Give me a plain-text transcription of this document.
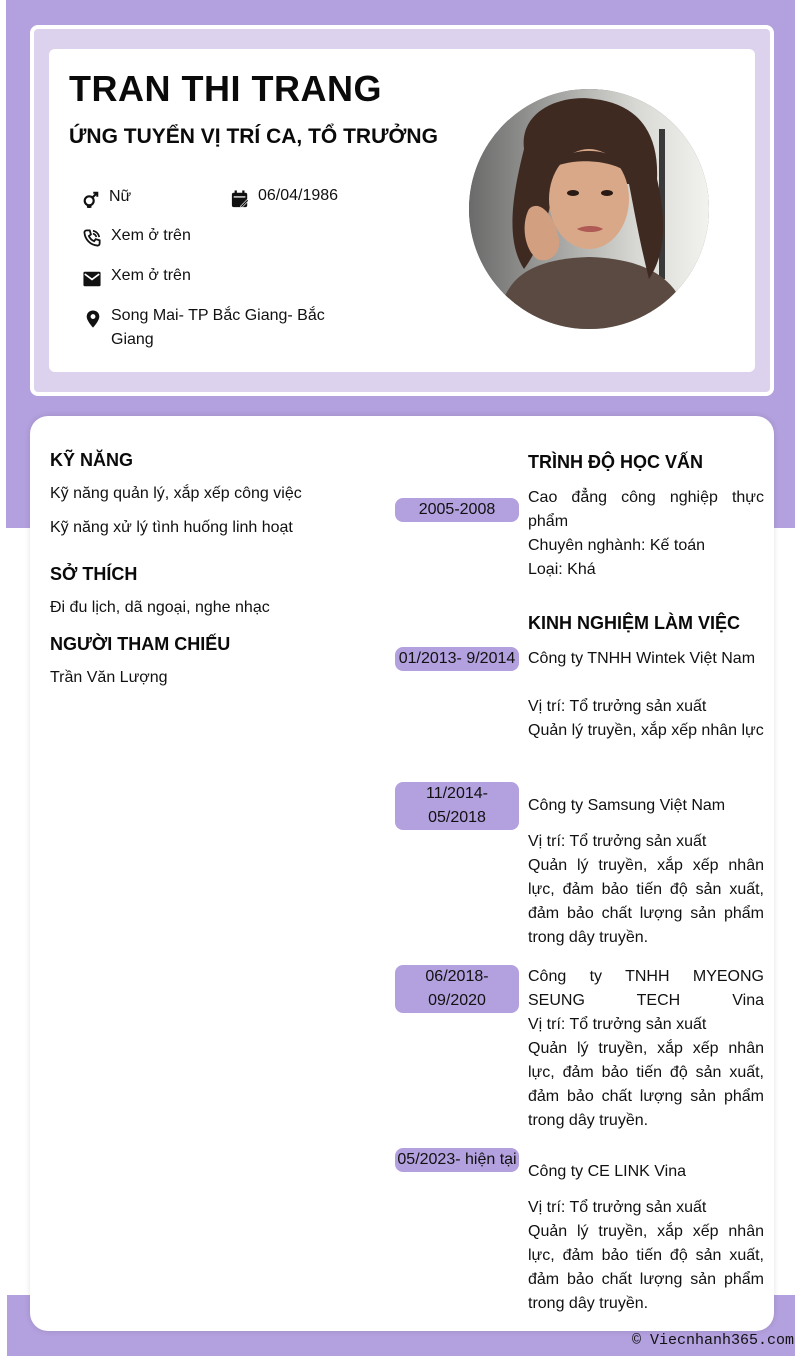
TRAN THI TRANG
ỨNG TUYỂN VỊ TRÍ CA, TỔ TRƯỞNG
Nữ	06/04/1986
Xem ở trên
Xem ở trên
Song Mai- TP Bắc Giang- Bắc Giang
KỸ NĂNG
Kỹ năng quản lý, xắp xếp công việc
Kỹ năng xử lý tình huống linh hoạt
SỞ THÍCH
Đi đu lịch, dã ngoại, nghe nhạc
NGƯỜI THAM CHIẾU
Trần Văn Lượng
TRÌNH ĐỘ HỌC VẤN
2005-2008
Cao đẳng công nghiệp thực phẩm
Chuyên nghành: Kế toán
Loại: Khá
KINH NGHIỆM LÀM VIỆC
01/2013- 9/2014 Công ty TNHH Wintek Việt Nam
Vị trí: Tổ trưởng sản xuất
Quản lý truyền, xắp xếp nhân lực
11/2014- 05/2018
Công ty Samsung Việt Nam
Vị trí: Tổ trưởng sản xuất
Quản lý truyền, xắp xếp nhân lực, đảm bảo tiến độ sản xuất, đảm bảo chất lượng sản phẩm trong dây truyền.
06/2018- 09/2020
Công ty TNHH MYEONG SEUNG TECH Vina
Vị trí: Tổ trưởng sản xuất
Quản lý truyền, xắp xếp nhân lực, đảm bảo tiến độ sản xuất, đảm bảo chất lượng sản phẩm trong dây truyền.
05/2023- hiện tại
Công ty CE LINK Vina
Vị trí: Tổ trưởng sản xuất
Quản lý truyền, xắp xếp nhân lực, đảm bảo tiến độ sản xuất, đảm bảo chất lượng sản phẩm trong dây truyền.
© Viecnhanh365.com
